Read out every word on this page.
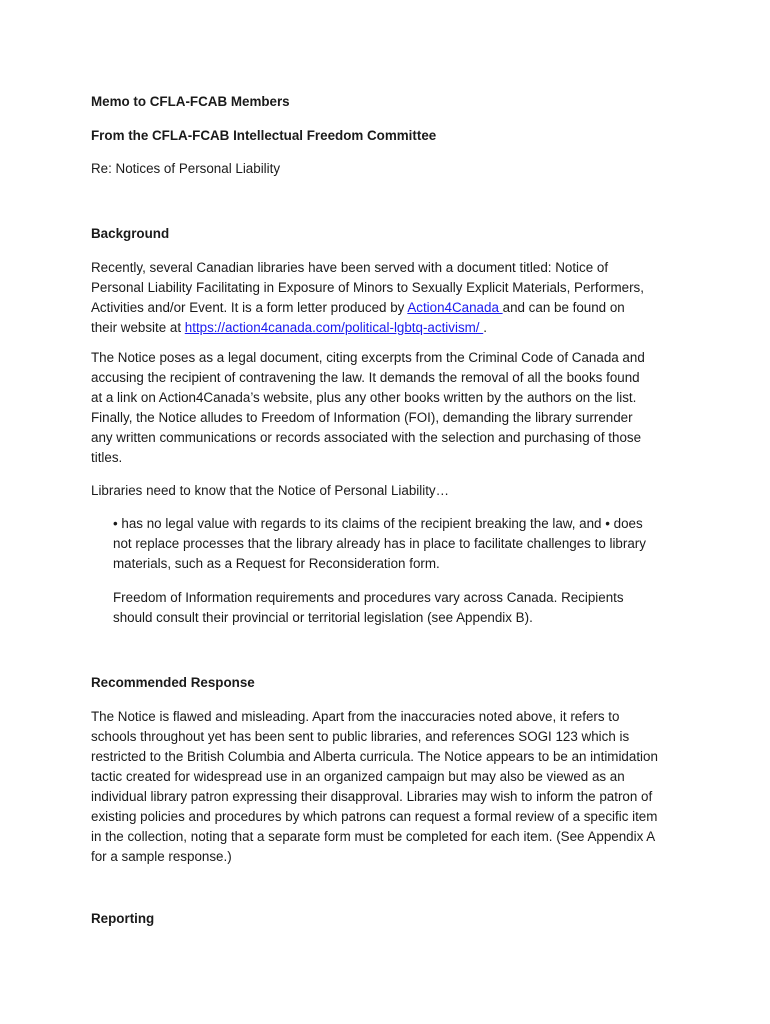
Memo to CFLA-FCAB Members
From the CFLA-FCAB Intellectual Freedom Committee
Re: Notices of Personal Liability
Background
Recently, several Canadian libraries have been served with a document titled: Notice of
Personal Liability Facilitating in Exposure of Minors to Sexually Explicit Materials, Performers,
Activities and/or Event. It is a form letter produced by Action4Canada and can be found on
their website at https://action4canada.com/political-lgbtq-activism/ .
The Notice poses as a legal document, citing excerpts from the Criminal Code of Canada and
accusing the recipient of contravening the law. It demands the removal of all the books found
at a link on Action4Canada’s website, plus any other books written by the authors on the list.
Finally, the Notice alludes to Freedom of Information (FOI), demanding the library surrender
any written communications or records associated with the selection and purchasing of those
titles.
Libraries need to know that the Notice of Personal Liability…
• has no legal value with regards to its claims of the recipient breaking the law, and • does
not replace processes that the library already has in place to facilitate challenges to library
materials, such as a Request for Reconsideration form.
Freedom of Information requirements and procedures vary across Canada. Recipients
should consult their provincial or territorial legislation (see Appendix B).
Recommended Response
The Notice is flawed and misleading. Apart from the inaccuracies noted above, it refers to
schools throughout yet has been sent to public libraries, and references SOGI 123 which is
restricted to the British Columbia and Alberta curricula. The Notice appears to be an intimidation
tactic created for widespread use in an organized campaign but may also be viewed as an
individual library patron expressing their disapproval. Libraries may wish to inform the patron of
existing policies and procedures by which patrons can request a formal review of a specific item
in the collection, noting that a separate form must be completed for each item. (See Appendix A
for a sample response.)
Reporting
